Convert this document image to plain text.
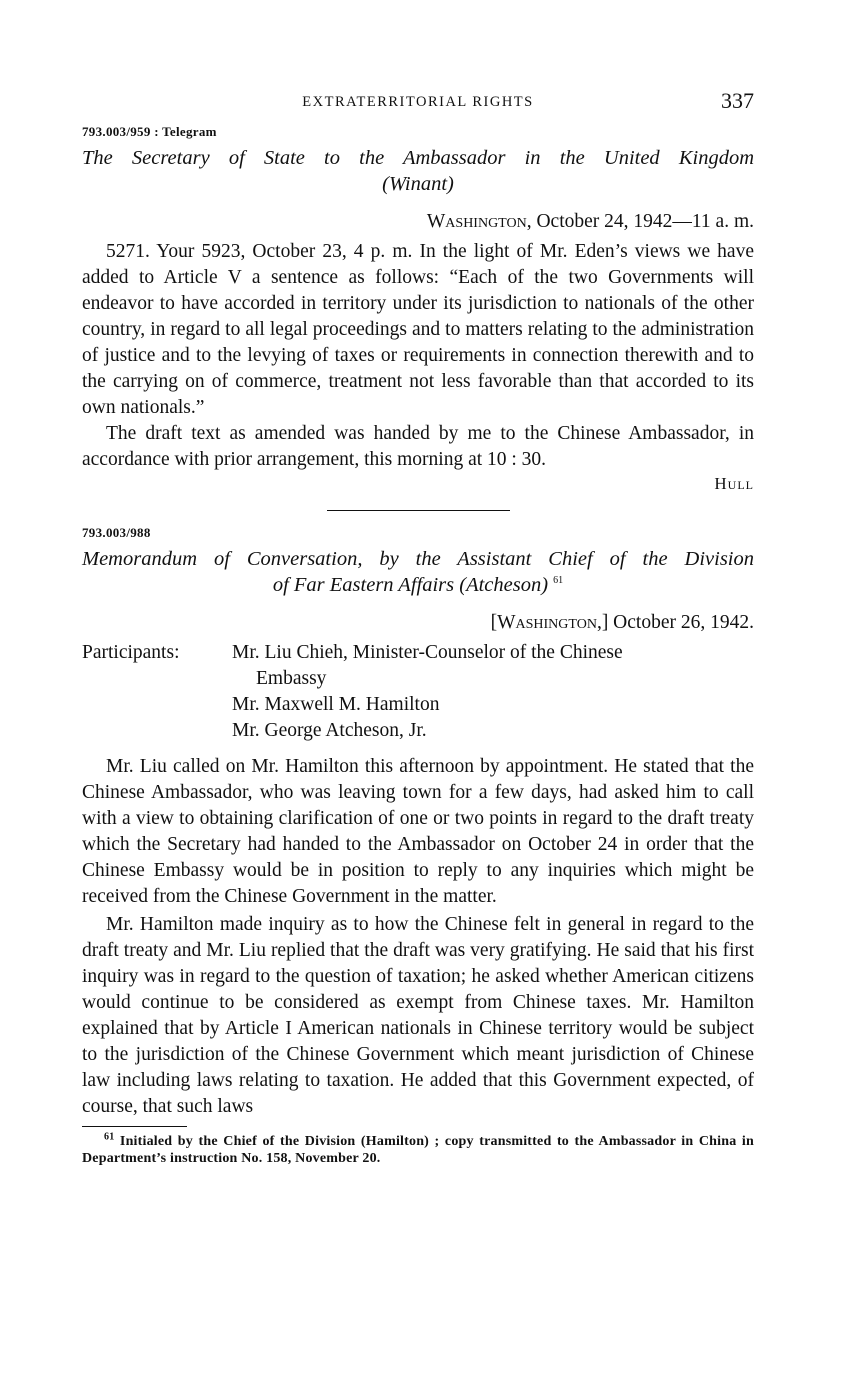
EXTRATERRITORIAL RIGHTS	337
793.003/959 : Telegram
The Secretary of State to the Ambassador in the United Kingdom
(Winant)
Washington, October 24, 1942—11 a. m.

5271. Your 5923, October 23, 4 p. m. In the light of Mr. Eden’s views we have added to Article V a sentence as follows: “Each of the two Governments will endeavor to have accorded in territory under its jurisdiction to nationals of the other country, in regard to all legal proceedings and to matters relating to the administration of justice and to the levying of taxes or requirements in connection therewith and to the carrying on of commerce, treatment not less favorable than that accorded to its own nationals.”

The draft text as amended was handed by me to the Chinese Ambassador, in accordance with prior arrangement, this morning at 10 : 30.

Hull
793.003/988
Memorandum of Conversation, by the Assistant Chief of the Division
of Far Eastern Affairs (Atcheson) $^{61}$
[Washington,] October 26, 1942.
Participants:	Mr. Liu Chieh, Minister-Counselor of the Chinese
Embassy
Mr. Maxwell M. Hamilton
Mr. George Atcheson, Jr.

Mr. Liu called on Mr. Hamilton this afternoon by appointment. He stated that the Chinese Ambassador, who was leaving town for a few days, had asked him to call with a view to obtaining clarification of one or two points in regard to the draft treaty which the Secretary had handed to the Ambassador on October 24 in order that the Chinese Embassy would be in position to reply to any inquiries which might be received from the Chinese Government in the matter.

Mr. Hamilton made inquiry as to how the Chinese felt in general in regard to the draft treaty and Mr. Liu replied that the draft was very gratifying. He said that his first inquiry was in regard to the question of taxation; he asked whether American citizens would continue to be considered as exempt from Chinese taxes. Mr. Hamilton explained that by Article I American nationals in Chinese territory would be subject to the jurisdiction of the Chinese Government which meant jurisdiction of Chinese law including laws relating to taxation. He added that this Government expected, of course, that such laws

$^{61}$ Initialed by the Chief of the Division (Hamilton) ; copy transmitted to the Ambassador in China in Department’s instruction No. 158, November 20.
